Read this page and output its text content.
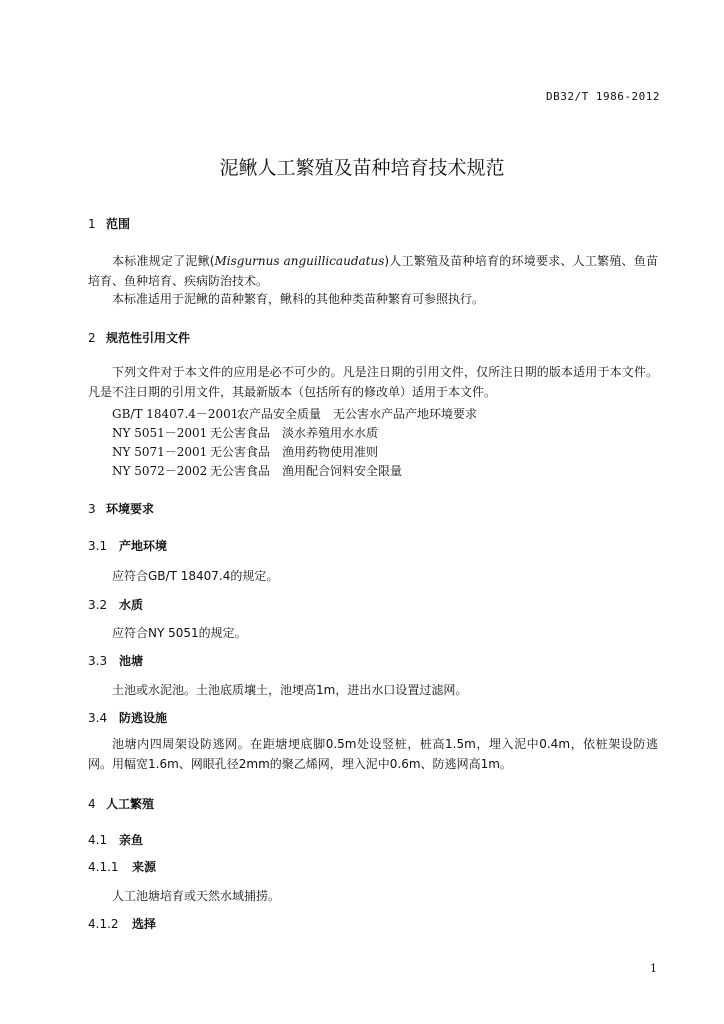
DB32/T 1986-2012
泥鳅人工繁殖及苗种培育技术规范
1 范围
本标准规定了泥鳅(Misgurnus anguillicaudatus)人工繁殖及苗种培育的环境要求、人工繁殖、鱼苗培育、鱼种培育、疾病防治技术。
本标准适用于泥鳅的苗种繁育，鳅科的其他种类苗种繁育可参照执行。
2 规范性引用文件
下列文件对于本文件的应用是必不可少的。凡是注日期的引用文件，仅所注日期的版本适用于本文件。凡是不注日期的引用文件，其最新版本（包括所有的修改单）适用于本文件。
GB/T 18407.4－2001农产品安全质量　无公害水产品产地环境要求
NY 5051－2001 无公害食品　淡水养殖用水水质
NY 5071－2001 无公害食品　渔用药物使用准则
NY 5072－2002 无公害食品　渔用配合饲料安全限量
3 环境要求
3.1 产地环境
应符合GB/T 18407.4的规定。
3.2 水质
应符合NY 5051的规定。
3.3 池塘
土池或水泥池。土池底质壤土，池埂高1m，进出水口设置过滤网。
3.4 防逃设施
池塘内四周架设防逃网。在距塘埂底脚0.5m处设竖桩，桩高1.5m，埋入泥中0.4m，依桩架设防逃网。用幅宽1.6m、网眼孔径2mm的聚乙烯网，埋入泥中0.6m、防逃网高1m。
4 人工繁殖
4.1 亲鱼
4.1.1 来源
人工池塘培育或天然水域捕捞。
4.1.2 选择
1
